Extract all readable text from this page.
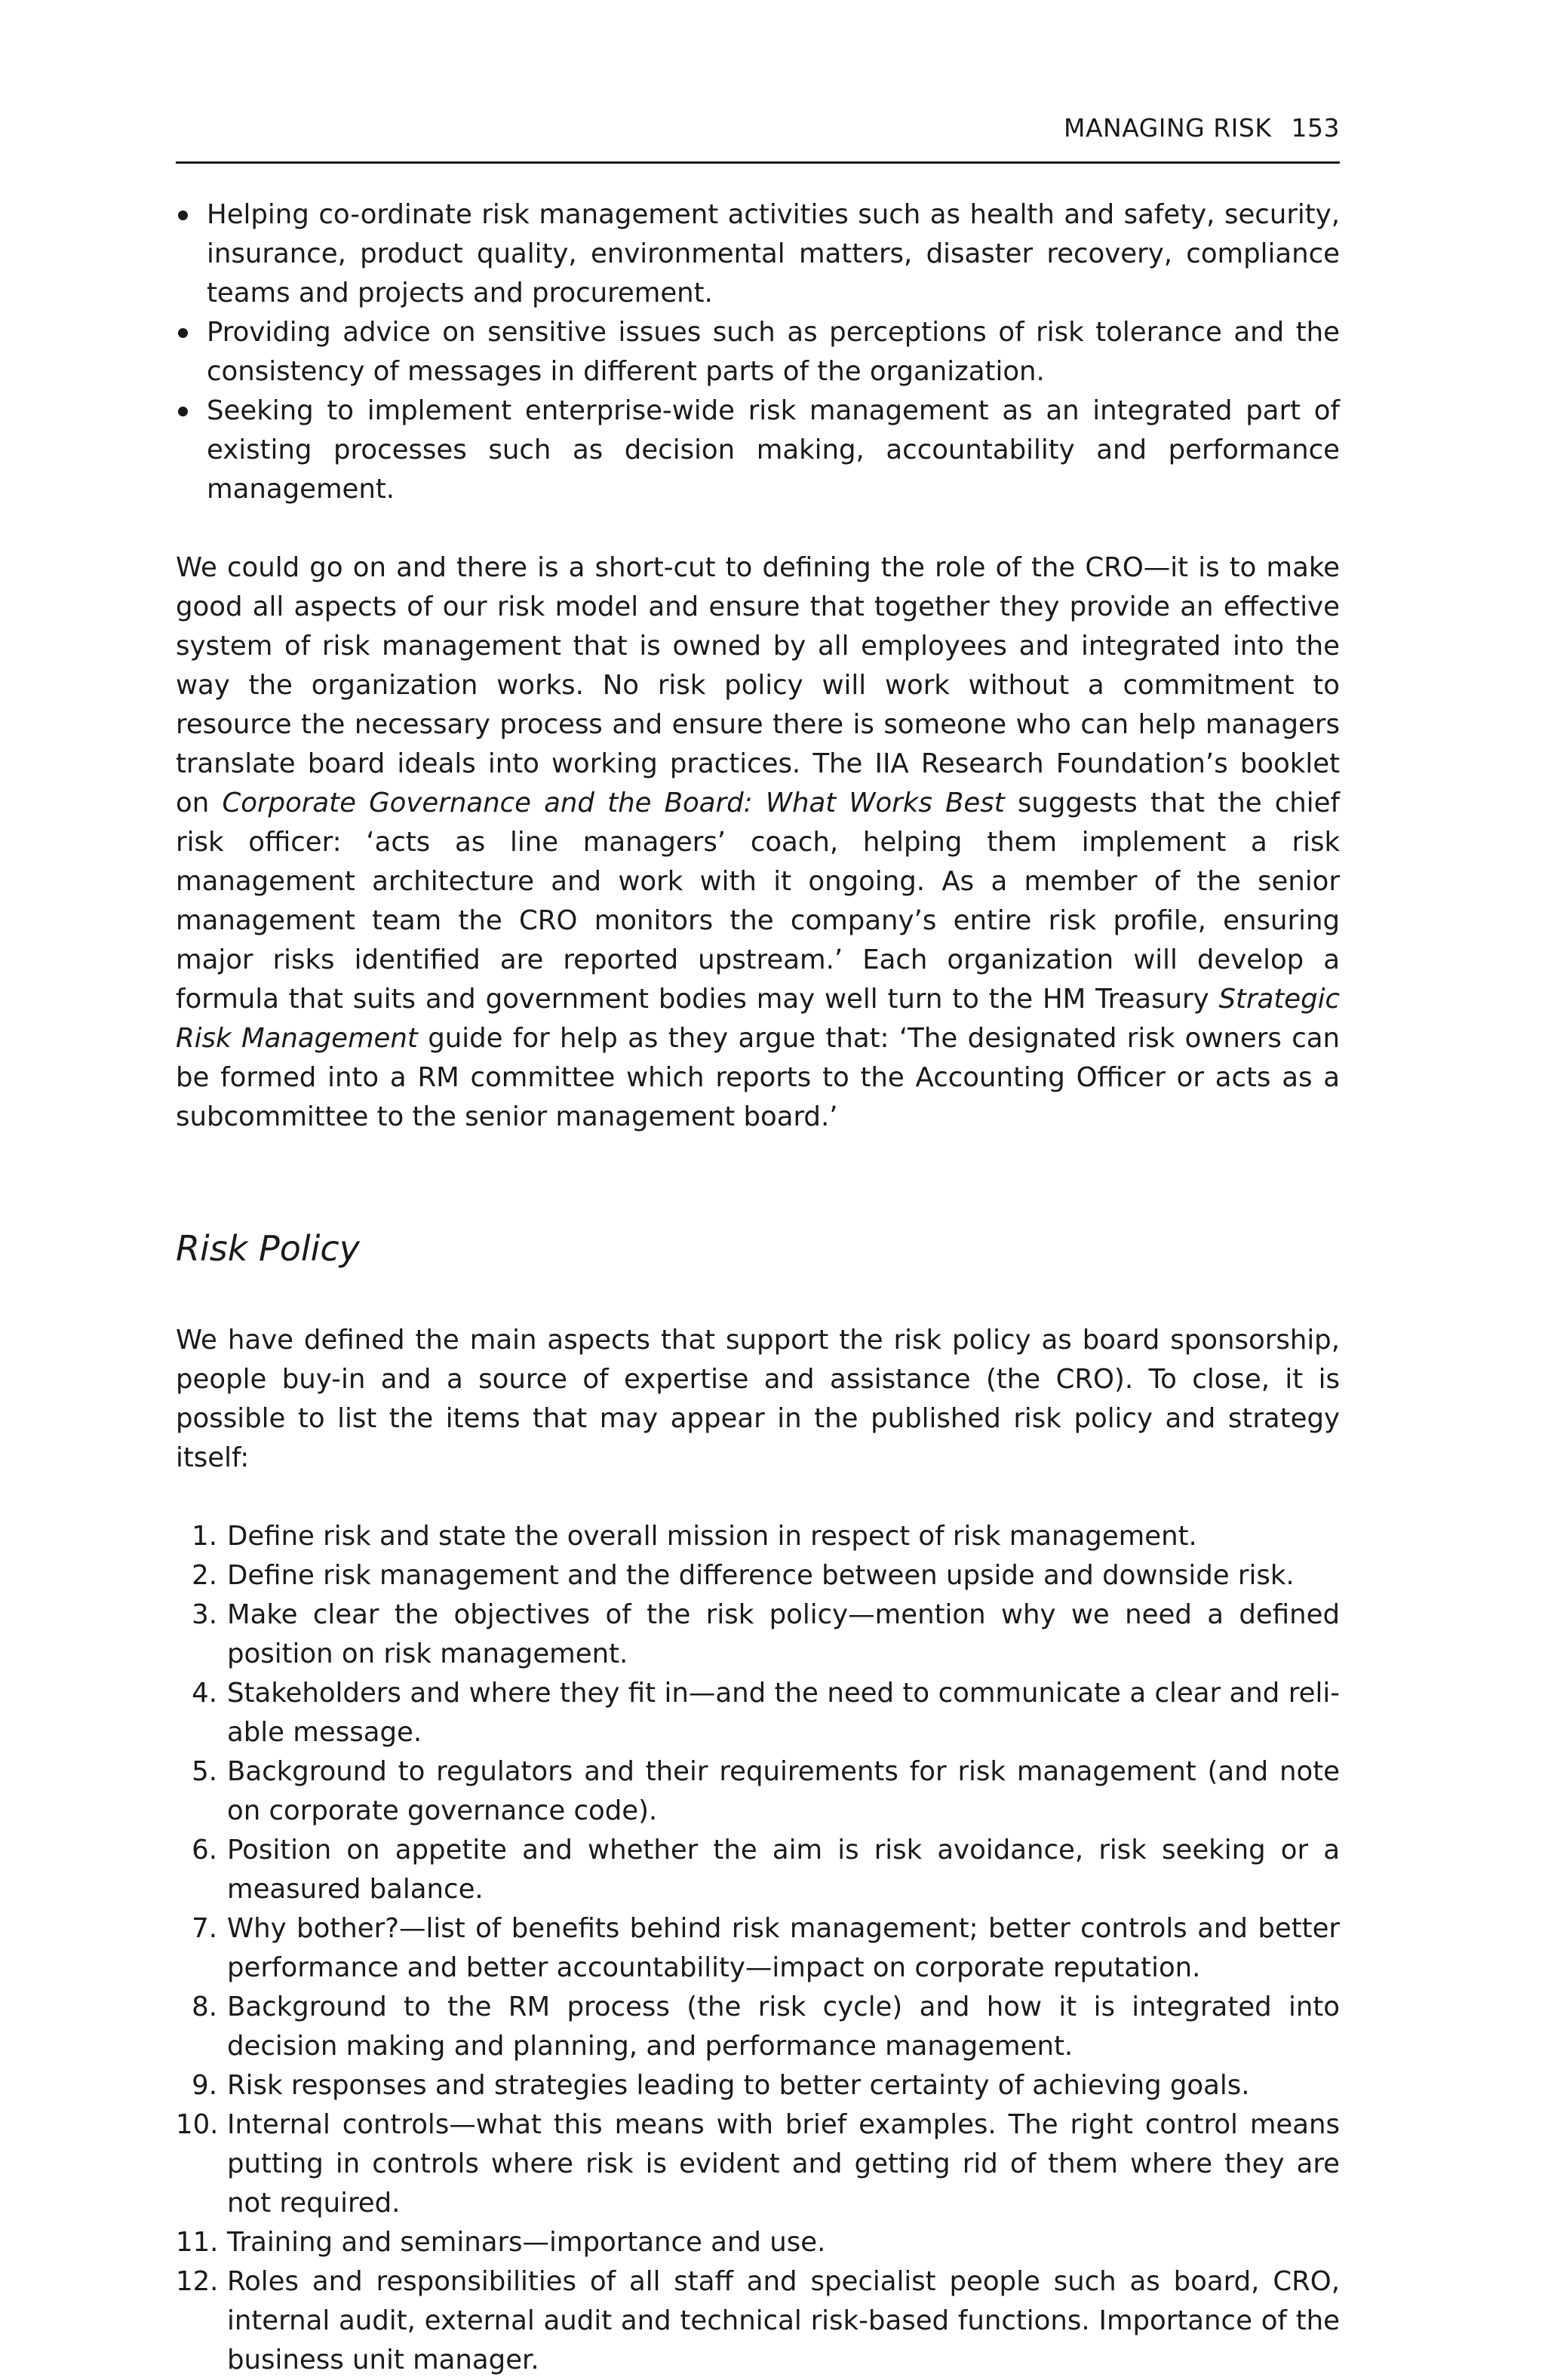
MANAGING RISK 153
Helping co-ordinate risk management activities such as health and safety, security, insurance, product quality, environmental matters, disaster recovery, compliance teams and projects and procurement.
Providing advice on sensitive issues such as perceptions of risk tolerance and the consistency of messages in different parts of the organization.
Seeking to implement enterprise-wide risk management as an integrated part of existing processes such as decision making, accountability and performance management.

We could go on and there is a short-cut to defining the role of the CRO—it is to make good all aspects of our risk model and ensure that together they provide an effective system of risk management that is owned by all employees and integrated into the way the organization works. No risk policy will work without a commitment to resource the necessary process and ensure there is someone who can help managers translate board ideals into working practices. The IIA Research Foundation’s booklet on Corporate Governance and the Board: What Works Best suggests that the chief risk officer: ‘acts as line managers’ coach, helping them implement a risk management architecture and work with it ongoing. As a member of the senior management team the CRO monitors the company’s entire risk profile, ensuring major risks identified are reported upstream.’ Each organization will develop a formula that suits and government bodies may well turn to the HM Treasury Strategic Risk Management guide for help as they argue that: ‘The designated risk owners can be formed into a RM committee which reports to the Accounting Officer or acts as a subcommittee to the senior management board.’

Risk Policy

We have defined the main aspects that support the risk policy as board sponsorship, people buy-in and a source of expertise and assistance (the CRO). To close, it is possible to list the items that may appear in the published risk policy and strategy itself:

1. Define risk and state the overall mission in respect of risk management.
2. Define risk management and the difference between upside and downside risk.
3. Make clear the objectives of the risk policy—mention why we need a defined position on risk management.
4. Stakeholders and where they fit in—and the need to communicate a clear and reliable message.
5. Background to regulators and their requirements for risk management (and note on corporate governance code).
6. Position on appetite and whether the aim is risk avoidance, risk seeking or a measured balance.
7. Why bother?—list of benefits behind risk management; better controls and better performance and better accountability—impact on corporate reputation.
8. Background to the RM process (the risk cycle) and how it is integrated into decision making and planning, and performance management.
9. Risk responses and strategies leading to better certainty of achieving goals.
10. Internal controls—what this means with brief examples. The right control means putting in controls where risk is evident and getting rid of them where they are not required.
11. Training and seminars—importance and use.
12. Roles and responsibilities of all staff and specialist people such as board, CRO, internal audit, external audit and technical risk-based functions. Importance of the business unit manager.
